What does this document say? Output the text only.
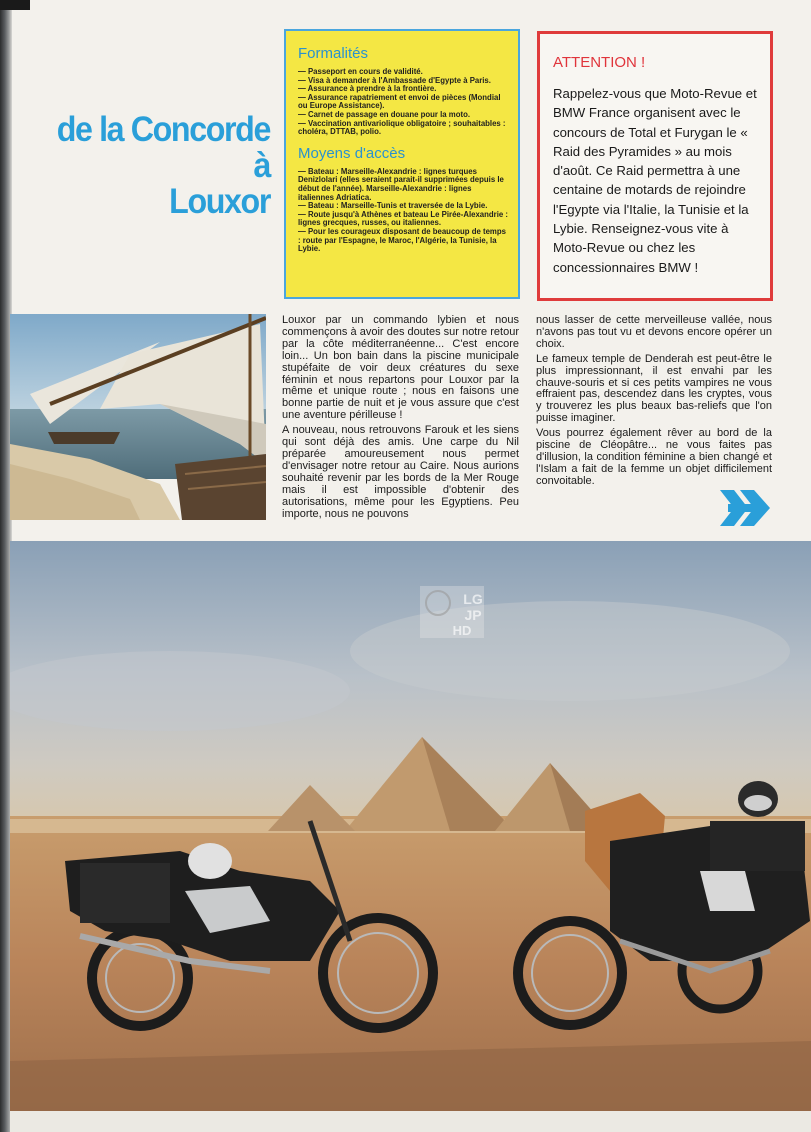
de la Concorde
à
Louxor
Formalités

— Passeport en cours de validité.

— Visa à demander à l'Ambassade d'Egypte à Paris.

— Assurance à prendre à la frontière.

— Assurance rapatriement et envoi de pièces (Mondial ou Europe Assistance).

— Carnet de passage en douane pour la moto.

— Vaccination antivariolique obligatoire ; souhaitables : choléra, DTTAB, polio.

Moyens d'accès

— Bateau : Marseille-Alexandrie : lignes turques Denizlolari (elles seraient parait-il supprimées depuis le début de l'année). Marseille-Alexandrie : lignes italiennes Adriatica.

— Bateau : Marseille-Tunis et traversée de la Lybie.

— Route jusqu'à Athènes et bateau Le Pirée-Alexandrie : lignes grecques, russes, ou italiennes.

— Pour les courageux disposant de beaucoup de temps : route par l'Espagne, le Maroc, l'Algérie, la Tunisie, la Lybie.

ATTENTION !

Rappelez-vous que Moto-Revue et BMW France organisent avec le concours de Total et Furygan le « Raid des Pyramides » au mois d'août. Ce Raid permettra à une centaine de motards de rejoindre l'Egypte via l'Italie, la Tunisie et la Lybie. Renseignez-vous vite à Moto-Revue ou chez les concessionnaires BMW !

Louxor par un commando lybien et nous commençons à avoir des doutes sur notre retour par la côte méditerranéenne... C'est encore loin... Un bon bain dans la piscine municipale stupéfaite de voir deux créatures du sexe féminin et nous repartons pour Louxor par la même et unique route ; nous en faisons une bonne partie de nuit et je vous assure que c'est une aventure périlleuse !

A nouveau, nous retrouvons Farouk et les siens qui sont déjà des amis. Une carpe du Nil préparée amoureusement nous permet d'envisager notre retour au Caire. Nous aurions souhaité revenir par les bords de la Mer Rouge mais il est impossible d'obtenir des autorisations, même pour les Egyptiens. Peu importe, nous ne pouvons

nous lasser de cette merveilleuse vallée, nous n'avons pas tout vu et devons encore opérer un choix.

Le fameux temple de Denderah est peut-être le plus impressionnant, il est envahi par les chauve-souris et si ces petits vampires ne vous effraient pas, descendez dans les cryptes, vous y trouverez les plus beaux bas-reliefs que l'on puisse imaginer.

Vous pourrez également rêver au bord de la piscine de Cléopâtre... ne vous faites pas d'illusion, la condition féminine a bien changé et l'Islam a fait de la femme un objet difficilement convoitable.

LG
JP
HD
